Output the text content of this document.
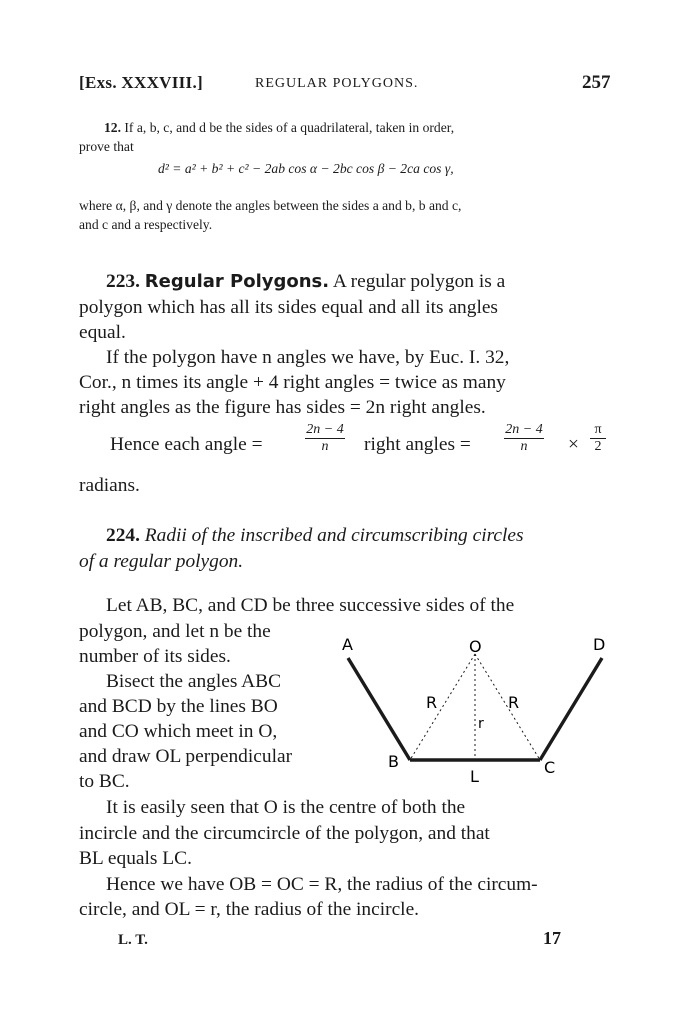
[Exs. XXXVIII.]	REGULAR POLYGONS.	257
12. If a, b, c, and d be the sides of a quadrilateral, taken in order,
prove that
d² = a² + b² + c² − 2ab cos α − 2bc cos β − 2ca cos γ,
where α, β, and γ denote the angles between the sides a and b, b and c,
and c and a respectively.
223. Regular Polygons. A regular polygon is a
polygon which has all its sides equal and all its angles
equal.
If the polygon have n angles we have, by Euc. I. 32,
Cor., n times its angle + 4 right angles = twice as many
right angles as the figure has sides = 2n right angles.
Hence each angle =	$\frac{2n - 4}{n}$ right angles = $\frac{2n - 4}{n} \times \frac{\pi}{2}$
radians.
224. Radii of the inscribed and circumscribing circles
of a regular polygon.
Let AB, BC, and CD be three successive sides of the
polygon, and let n be the
number of its sides.
Bisect the angles ABC
and BCD by the lines BO
and CO which meet in O,
and draw OL perpendicular
to BC.
It is easily seen that O is the centre of both the
incircle and the circumcircle of the polygon, and that
BL equals LC.
Hence we have OB = OC = R, the radius of the circum-
circle, and OL = r, the radius of the incircle.
A	O	D
B	C
L
R	R
r
L. T.	17
